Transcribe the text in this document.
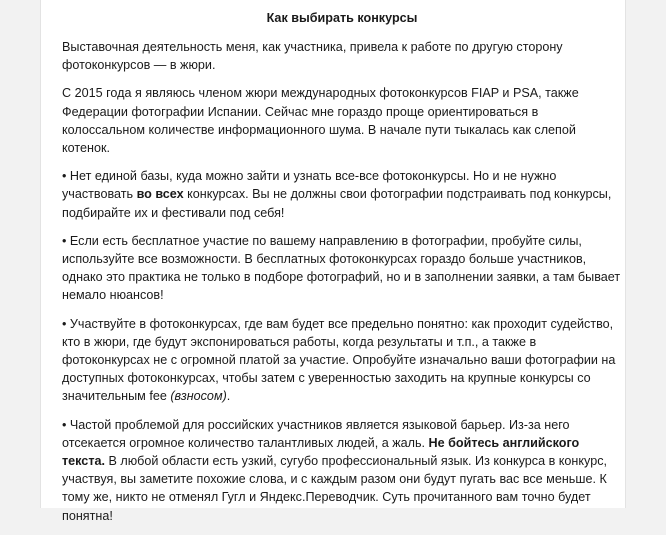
Как выбирать конкурсы
Выставочная деятельность меня, как участника, привела к работе по другую сторону фотоконкурсов — в жюри.
С 2015 года я являюсь членом жюри международных фотоконкурсов FIAP и PSA, также Федерации фотографии Испании. Сейчас мне гораздо проще ориентироваться в колоссальном количестве информационного шума. В начале пути тыкалась как слепой котенок.
• Нет единой базы, куда можно зайти и узнать все-все фотоконкурсы. Но и не нужно участвовать во всех конкурсах. Вы не должны свои фотографии подстраивать под конкурсы, подбирайте их и фестивали под себя!
• Если есть бесплатное участие по вашему направлению в фотографии, пробуйте силы, используйте все возможности. В бесплатных фотоконкурсах гораздо больше участников, однако это практика не только в подборе фотографий, но и в заполнении заявки, а там бывает немало нюансов!
• Участвуйте в фотоконкурсах, где вам будет все предельно понятно: как проходит судейство, кто в жюри, где будут экспонироваться работы, когда результаты и т.п., а также в фотоконкурсах не с огромной платой за участие. Опробуйте изначально ваши фотографии на доступных фотоконкурсах, чтобы затем с уверенностью заходить на крупные конкурсы со значительным fee (взносом).
• Частой проблемой для российских участников является языковой барьер. Из-за него отсекается огромное количество талантливых людей, а жаль. Не бойтесь английского текста. В любой области есть узкий, сугубо профессиональный язык. Из конкурса в конкурс, участвуя, вы заметите похожие слова, и с каждым разом они будут пугать вас все меньше. К тому же, никто не отменял Гугл и Яндекс.Переводчик. Суть прочитанного вам точно будет понятна!
